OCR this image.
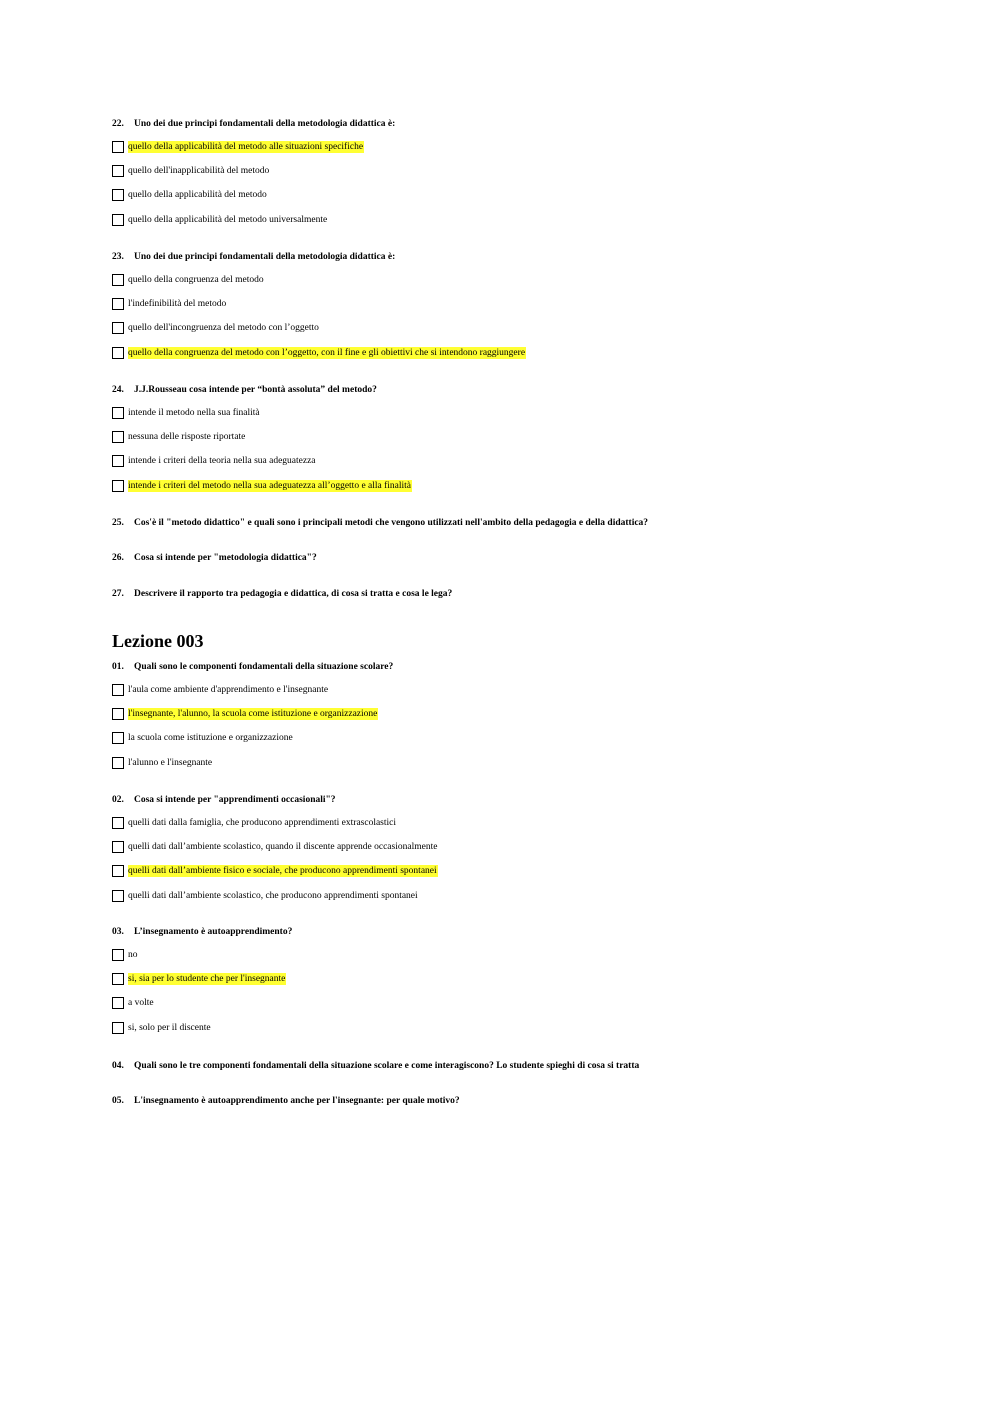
Lezione 003
22. Uno dei due principi fondamentali della metodologia didattica è:
quello della applicabilità del metodo alle situazioni specifiche
quello dell'inapplicabilità del metodo
quello della applicabilità del metodo
quello della applicabilità del metodo universalmente
23. Uno dei due principi fondamentali della metodologia didattica è:
quello della congruenza del metodo
l'indefinibilità del metodo
quello dell'incongruenza del metodo con l’oggetto
quello della congruenza del metodo con l’oggetto, con il fine e gli obiettivi che si intendono raggiungere
24. J.J.Rousseau cosa intende per “bontà assoluta” del metodo?
intende il metodo nella sua finalità
nessuna delle risposte riportate
intende i criteri della teoria nella sua adeguatezza
intende i criteri del metodo nella sua adeguatezza all’oggetto e alla finalità
25. Cos'è il "metodo didattico" e quali sono i principali metodi che vengono utilizzati nell'ambito della pedagogia e della didattica?
26. Cosa si intende per "metodologia didattica"?
27. Descrivere il rapporto tra pedagogia e didattica, di cosa si tratta e cosa le lega?
01. Quali sono le componenti fondamentali della situazione scolare?
l'aula come ambiente d'apprendimento e l'insegnante
l'insegnante, l'alunno, la scuola come istituzione e organizzazione
la scuola come istituzione e organizzazione
l'alunno e l'insegnante
02. Cosa si intende per "apprendimenti occasionali"?
quelli dati dalla famiglia, che producono apprendimenti extrascolastici
quelli dati dall’ambiente scolastico, quando il discente apprende occasionalmente
quelli dati dall’ambiente fisico e sociale, che producono apprendimenti spontanei
quelli dati dall’ambiente scolastico, che producono apprendimenti spontanei
03. L’insegnamento è autoapprendimento?
no
si, sia per lo studente che per l'insegnante
a volte
si, solo per il discente
04. Quali sono le tre componenti fondamentali della situazione scolare e come interagiscono? Lo studente spieghi di cosa si tratta
05. L'insegnamento è autoapprendimento anche per l'insegnante: per quale motivo?
